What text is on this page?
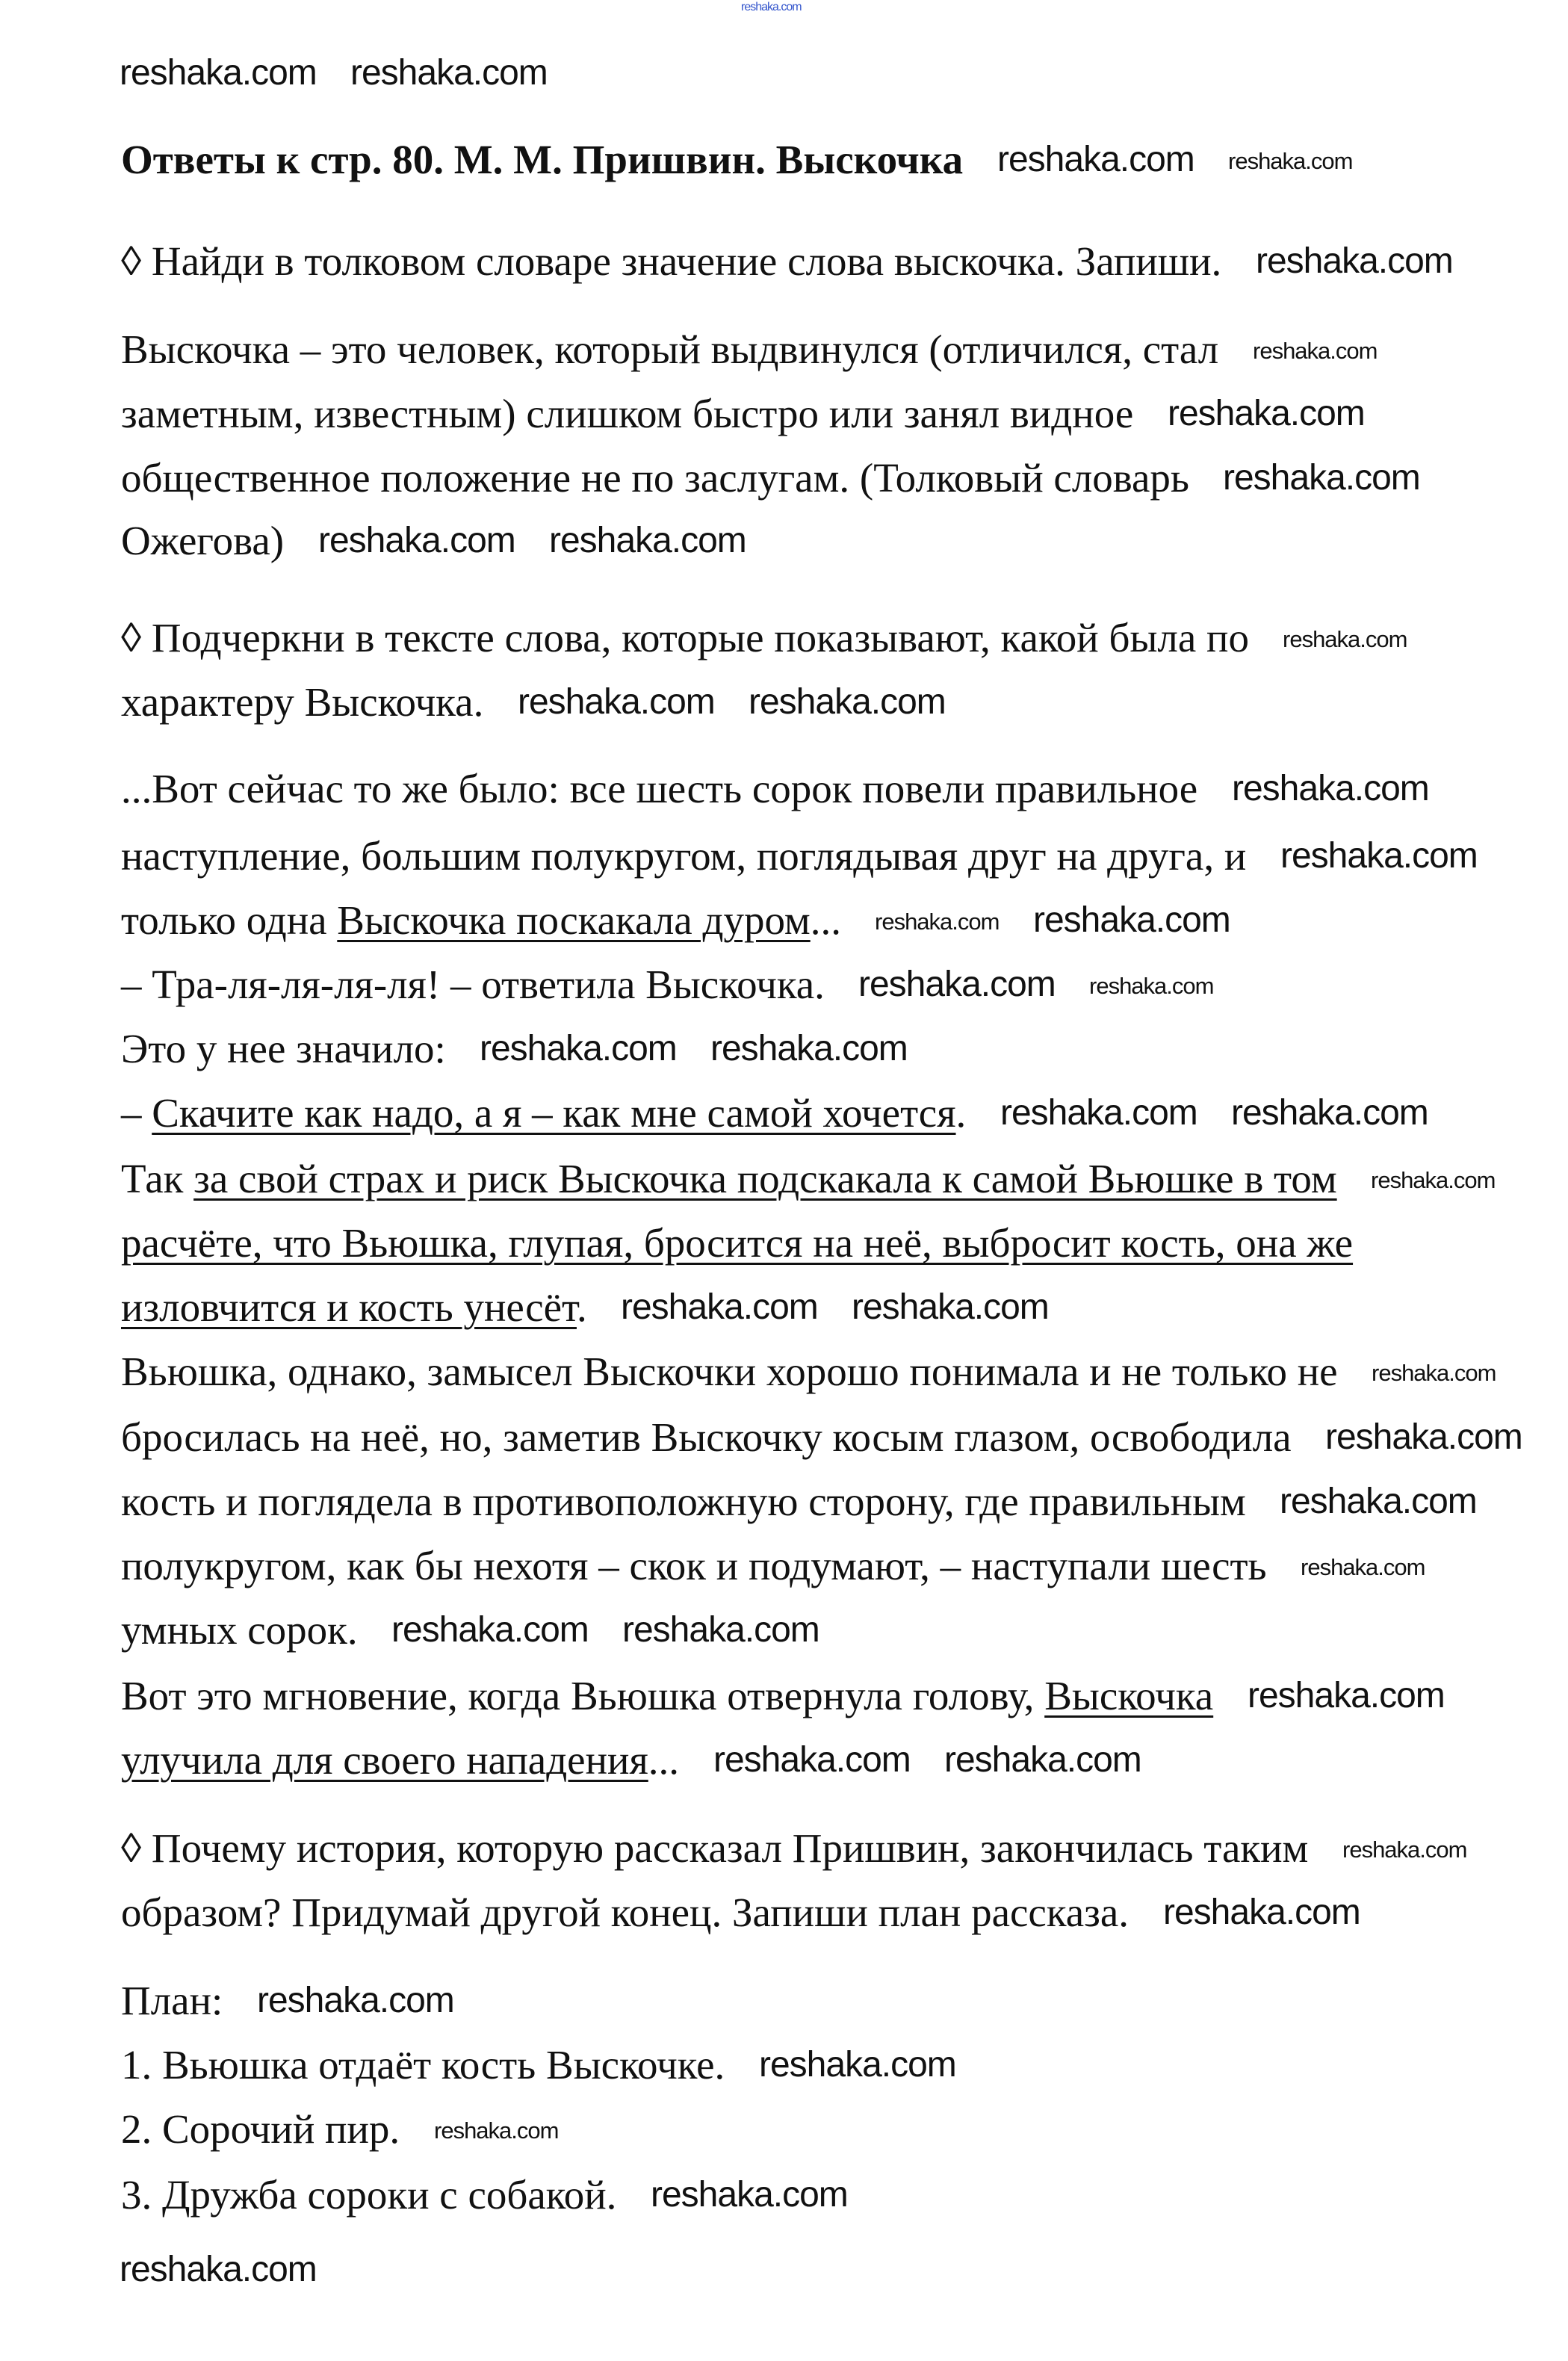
reshaka.com
Ответы к стр. 80. М. М. Пришвин. Выскочка
◊ Найди в толковом словаре значение слова выскочка. Запиши.
Выскочка – это человек, который выдвинулся (отличился, стал
заметным, известным) слишком быстро или занял видное
общественное положение не по заслугам. (Толковый словарь
Ожегова)
◊ Подчеркни в тексте слова, которые показывают, какой была по
характеру Выскочка.
...Вот сейчас то же было: все шесть сорок повели правильное
наступление, большим полукругом, поглядывая друг на друга, и
только одна Выскочка поскакала дуром...
– Тра-ля-ля-ля-ля! – ответила Выскочка.
Это у нее значило:
– Скачите как надо, а я – как мне самой хочется.
Так за свой страх и риск Выскочка подскакала к самой Вьюшке в том
расчёте, что Вьюшка, глупая, бросится на неё, выбросит кость, она же
изловчится и кость унесёт.
Вьюшка, однако, замысел Выскочки хорошо понимала и не только не
бросилась на неё, но, заметив Выскочку косым глазом, освободила
кость и поглядела в противоположную сторону, где правильным
полукругом, как бы нехотя – скок и подумают, – наступали шесть
умных сорок.
Вот это мгновение, когда Вьюшка отвернула голову, Выскочка
улучила для своего нападения...
◊ Почему история, которую рассказал Пришвин, закончилась таким
образом? Придумай другой конец. Запиши план рассказа.
План:
1. Вьюшка отдаёт кость Выскочке.
2. Сорочий пир.
3. Дружба сороки с собакой.
reshaka.com
reshaka.com
reshaka.com
reshaka.com
reshaka.com
reshaka.com
reshaka.com
reshaka.com
reshaka.com
reshaka.com
reshaka.com
reshaka.com
reshaka.com
reshaka.com
reshaka.com
reshaka.com
reshaka.com
reshaka.com
reshaka.com
reshaka.com
reshaka.com
reshaka.com
reshaka.com
reshaka.com
reshaka.com
reshaka.com
reshaka.com
reshaka.com
reshaka.com
reshaka.com
reshaka.com
reshaka.com
reshaka.com
reshaka.com
reshaka.com
reshaka.com
reshaka.com
reshaka.com
reshaka.com
reshaka.com
reshaka.com
reshaka.com
